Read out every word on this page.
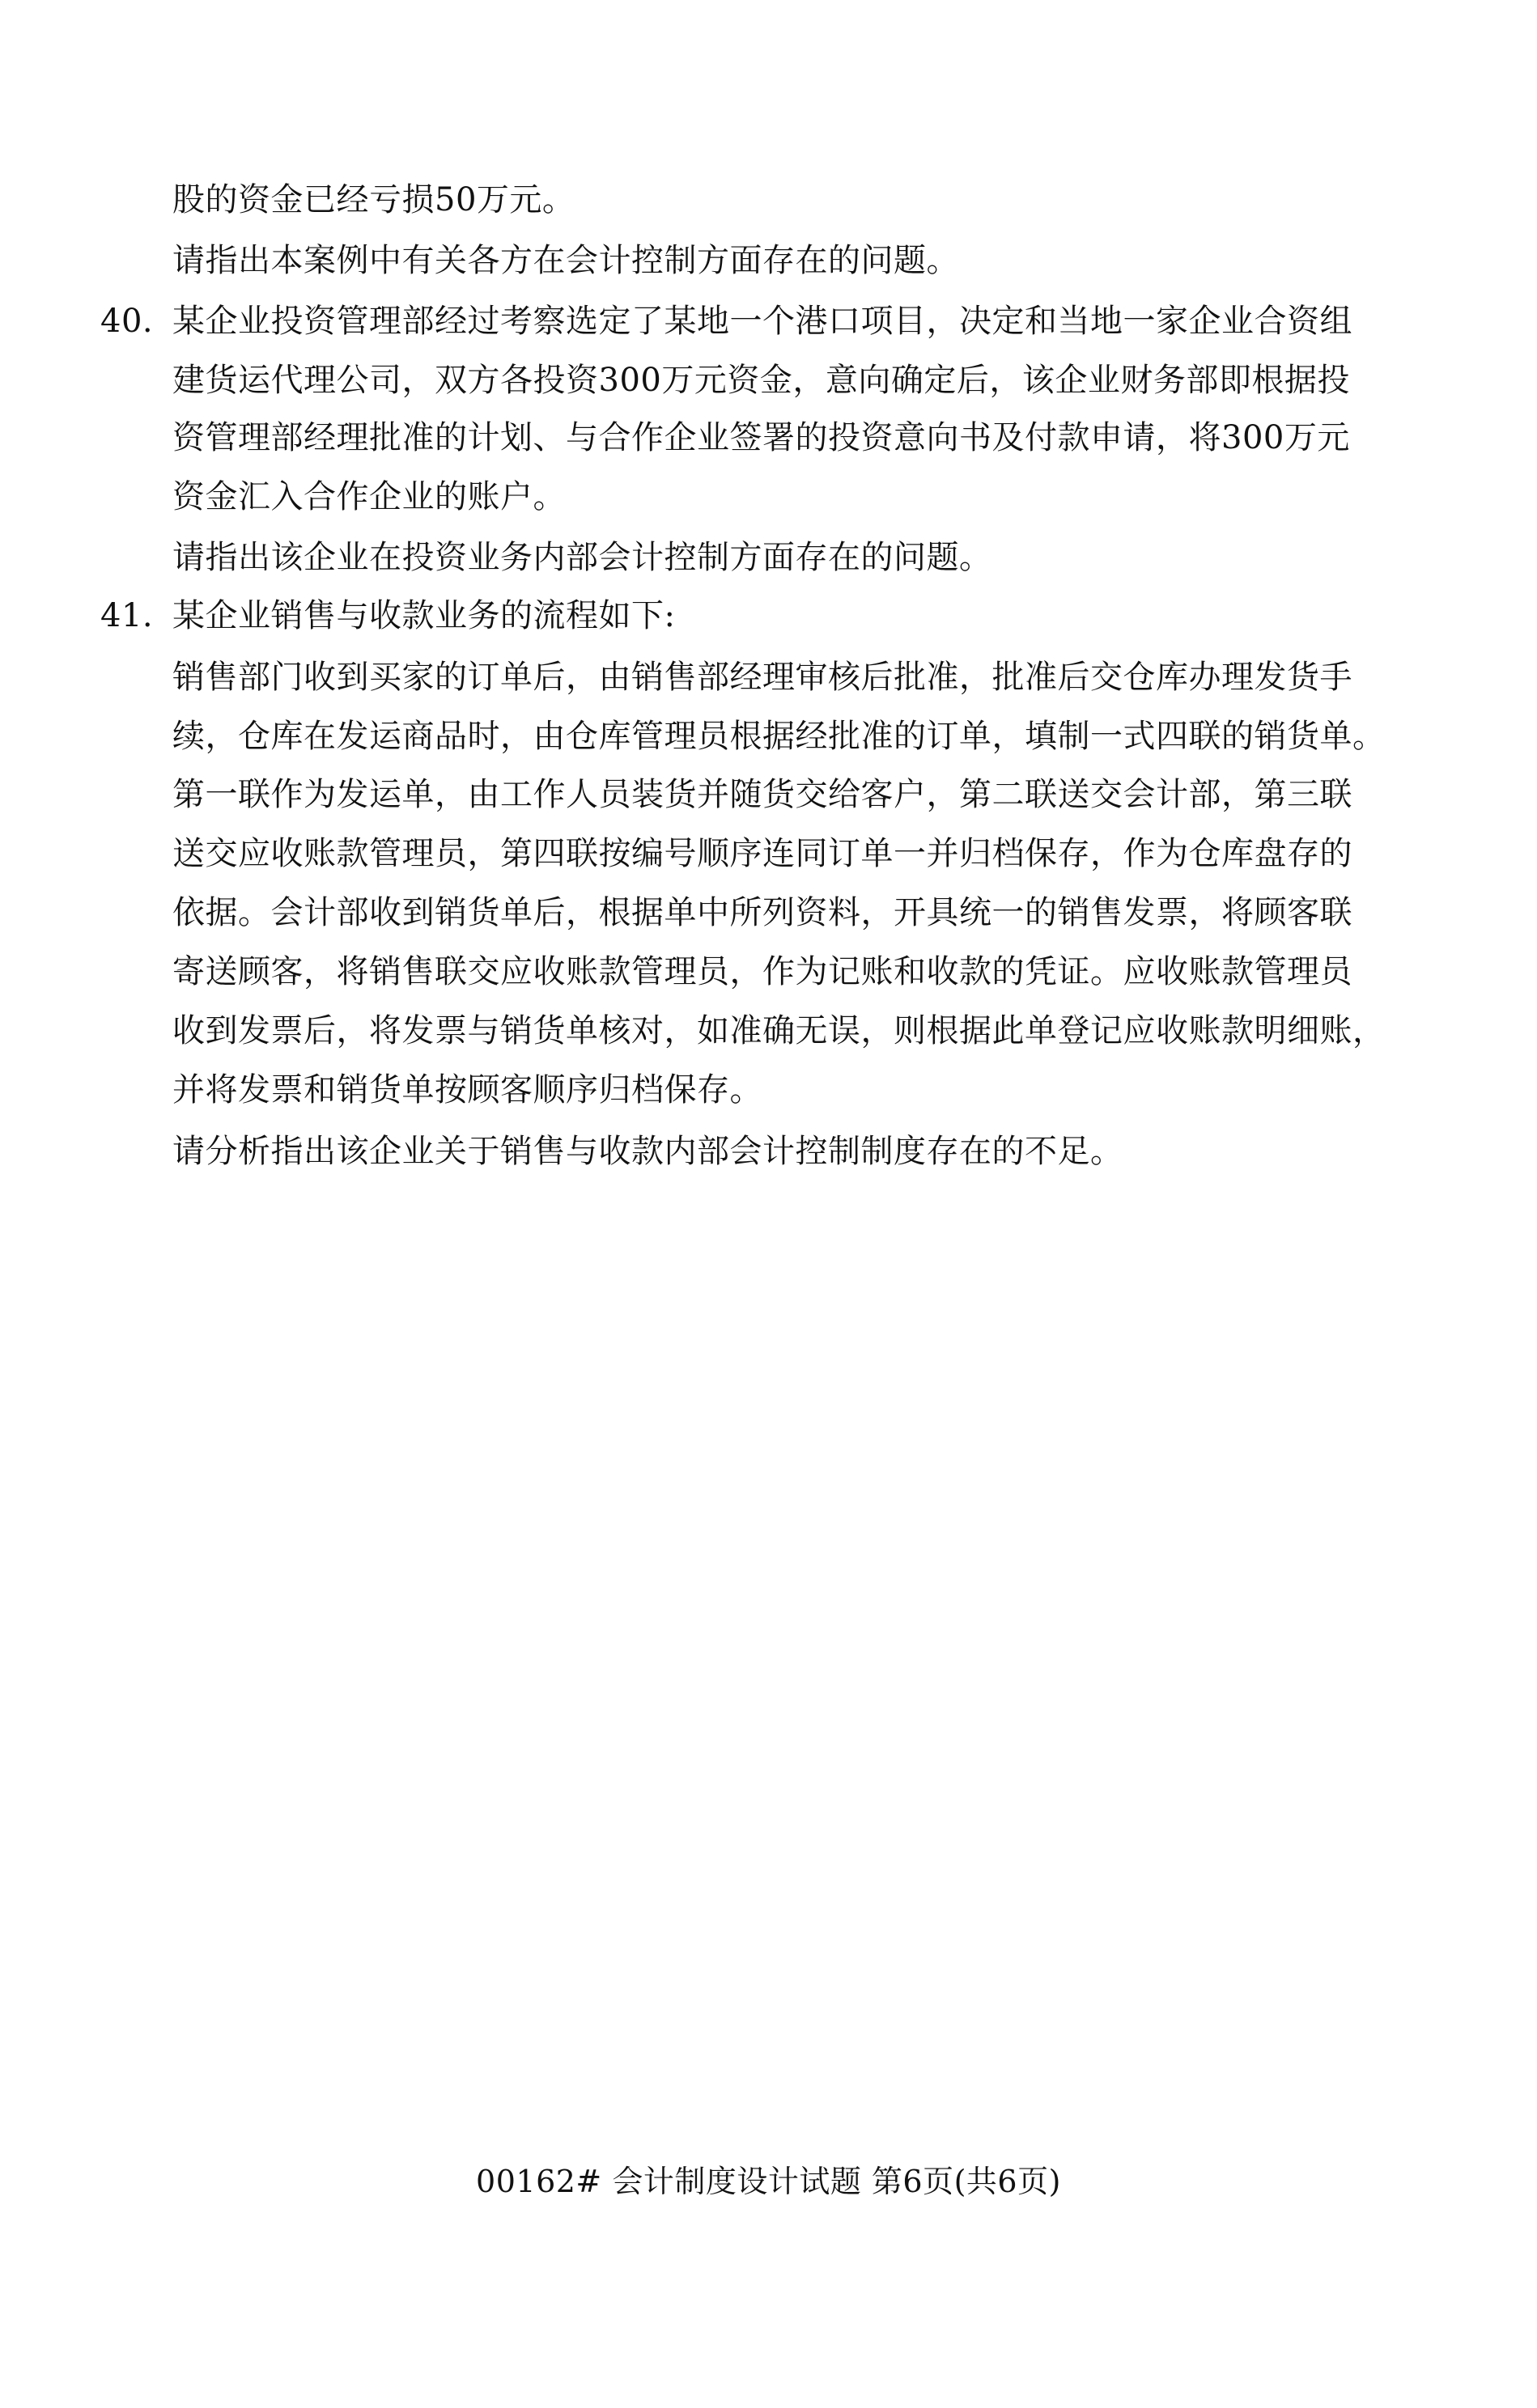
股的资金已经亏损50万元。
请指出本案例中有关各方在会计控制方面存在的问题。
40. 某企业投资管理部经过考察选定了某地一个港口项目，决定和当地一家企业合资组
建货运代理公司，双方各投资300万元资金，意向确定后，该企业财务部即根据投
资管理部经理批准的计划、与合作企业签署的投资意向书及付款申请，将300万元
资金汇入合作企业的账户。
请指出该企业在投资业务内部会计控制方面存在的问题。
41. 某企业销售与收款业务的流程如下:
销售部门收到买家的订单后，由销售部经理审核后批准，批准后交仓库办理发货手
续，仓库在发运商品时，由仓库管理员根据经批准的订单，填制一式四联的销货单。
第一联作为发运单，由工作人员装货并随货交给客户，第二联送交会计部，第三联
送交应收账款管理员，第四联按编号顺序连同订单一并归档保存，作为仓库盘存的
依据。会计部收到销货单后，根据单中所列资料，开具统一的销售发票，将顾客联
寄送顾客，将销售联交应收账款管理员，作为记账和收款的凭证。应收账款管理员
收到发票后，将发票与销货单核对，如准确无误，则根据此单登记应收账款明细账，
并将发票和销货单按顾客顺序归档保存。
请分析指出该企业关于销售与收款内部会计控制制度存在的不足。
00162# 会计制度设计试题 第6页(共6页)
